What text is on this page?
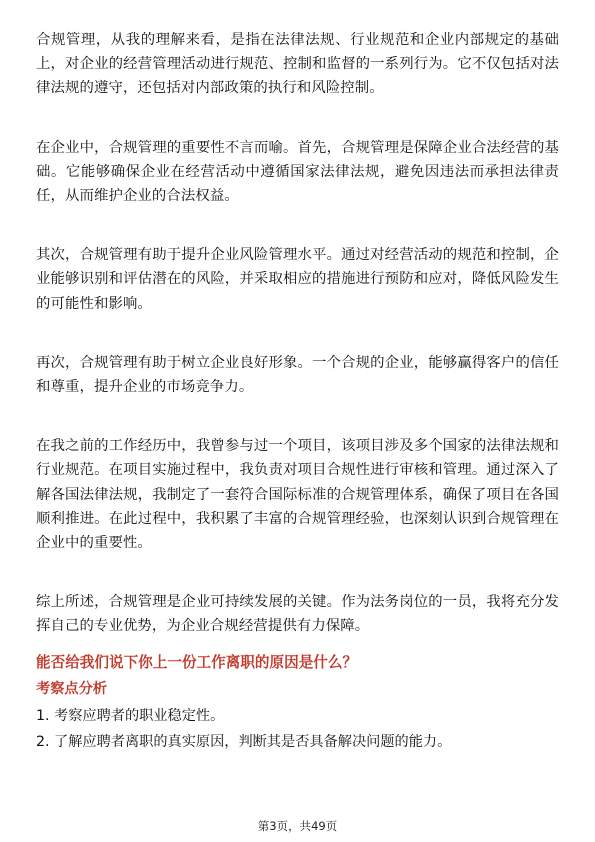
合规管理，从我的理解来看，是指在法律法规、行业规范和企业内部规定的基础上，对企业的经营管理活动进行规范、控制和监督的一系列行为。它不仅包括对法律法规的遵守，还包括对内部政策的执行和风险控制。

在企业中，合规管理的重要性不言而喻。首先，合规管理是保障企业合法经营的基础。它能够确保企业在经营活动中遵循国家法律法规，避免因违法而承担法律责任，从而维护企业的合法权益。

其次，合规管理有助于提升企业风险管理水平。通过对经营活动的规范和控制，企业能够识别和评估潜在的风险，并采取相应的措施进行预防和应对，降低风险发生的可能性和影响。

再次，合规管理有助于树立企业良好形象。一个合规的企业，能够赢得客户的信任和尊重，提升企业的市场竞争力。

在我之前的工作经历中，我曾参与过一个项目，该项目涉及多个国家的法律法规和行业规范。在项目实施过程中，我负责对项目合规性进行审核和管理。通过深入了解各国法律法规，我制定了一套符合国际标准的合规管理体系，确保了项目在各国顺利推进。在此过程中，我积累了丰富的合规管理经验，也深刻认识到合规管理在企业中的重要性。

综上所述，合规管理是企业可持续发展的关键。作为法务岗位的一员，我将充分发挥自己的专业优势，为企业合规经营提供有力保障。

能否给我们说下你上一份工作离职的原因是什么？
考察点分析

1. 考察应聘者的职业稳定性。

2. 了解应聘者离职的真实原因，判断其是否具备解决问题的能力。

第3页，共49页
